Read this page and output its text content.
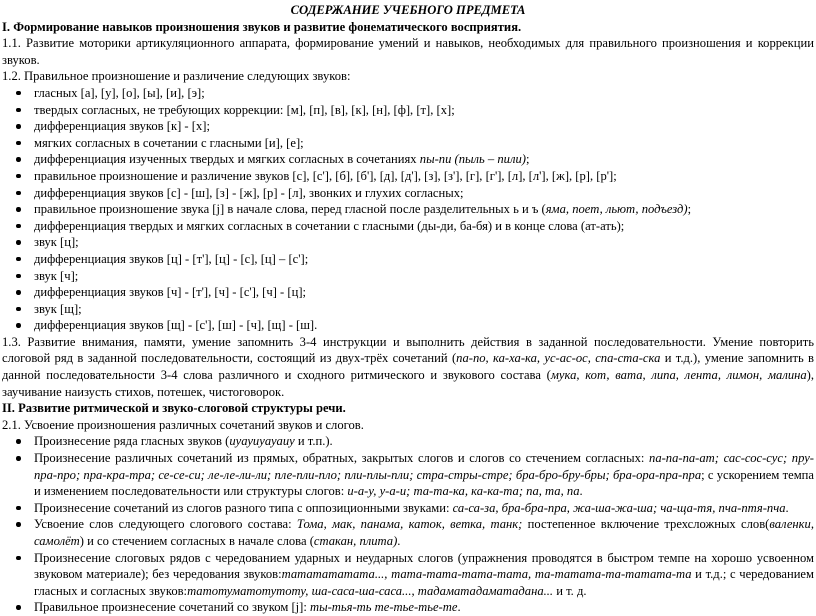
СОДЕРЖАНИЕ УЧЕБНОГО ПРЕДМЕТА
I. Формирование навыков произношения звуков и развитие фонематического восприятия.
1.1. Развитие моторики артикуляционного аппарата, формирование умений и навыков, необходимых для правильного произношения и коррекции звуков.
1.2. Правильное произношение и различение следующих звуков:
гласных [а], [у], [о], [ы], [и], [э];
твердых согласных, не требующих коррекции: [м], [п], [в], [к], [н], [ф], [т], [х];
дифференциация звуков [к] - [х];
мягких согласных в сочетании с гласными [и], [е];
дифференциация изученных твердых и мягких согласных в сочетаниях пы-пи (пыль – пили);
правильное произношение и различение звуков [с], [с'], [б], [б'], [д], [д'], [з], [з'], [г], [г'], [л], [л'], [ж], [р], [р'];
дифференциация звуков [с] - [ш], [з] - [ж], [р] - [л], звонких и глухих согласных;
правильное произношение звука [j] в начале слова, перед гласной после разделительных ь и ъ (яма, поет, льют, подъезд);
дифференциация твердых и мягких согласных в сочетании с гласными (ды-ди, ба-бя) и в конце слова (ат-ать);
звук [ц];
дифференциация звуков [ц] - [т'], [ц] - [с], [ц] – [с'];
звук [ч];
дифференциация звуков [ч] - [т'], [ч] - [с'], [ч] - [ц];
звук [щ];
дифференциация звуков [щ] - [с'], [ш] - [ч], [щ] - [ш].
1.3. Развитие внимания, памяти, умение запомнить 3-4 инструкции и выполнить действия в заданной последовательности. Умение повторить слоговой ряд в заданной последовательности, состоящий из двух-трёх сочетаний (па-по, ка-ха-ка, ус-ас-ос, спа-ста-ска и т.д.), умение запомнить в данной последовательности 3-4 слова различного и сходного ритмического и звукового состава (мука, кот, вата, липа, лента, лимон, малина), заучивание наизусть стихов, потешек, чистоговорок.
II. Развитие ритмической и звуко-слоговой структуры речи.
2.1. Усвоение произношения различных сочетаний звуков и слогов.
Произнесение ряда гласных звуков (иуауиуауаиу и т.п.).
Произнесение различных сочетаний из прямых, обратных, закрытых слогов и слогов со стечением согласных: па-па-па-ат; сас-сос-сус; пру-пра-про; пра-кра-тра; се-се-си; ле-ле-ли-ли; пле-пли-пло; пли-плы-пли; стра-стры-стре; бра-бро-бру-бры; бра-ора-пра-пра; с ускорением темпа и изменением последовательности или структуры слогов: и-а-у, у-а-и; та-та-ка, ка-ка-та; па, та, па.
Произнесение сочетаний из слогов разного типа с оппозиционными звуками: са-са-за, бра-бра-пра, жа-ша-жа-ша; ча-ща-тя, пча-птя-пча.
Усвоение слов следующего слогового состава: Тома, мак, панама, каток, ветка, танк; постепенное включение трехсложных слов(валенки, самолёт) и со стечением согласных в начале слова (стакан, плита).
Произнесение слоговых рядов с чередованием ударных и неударных слогов (упражнения проводятся в быстром темпе на хорошо усвоенном звуковом материале); без чередования звуков:тататататата..., тата-тата-тата-тата, та-татата-та-татата-та и т.д.; с чередованием гласных и согласных звуков:татотуматотутоту, ша-саса-ша-саса..., тадаматадаматадана... и т. д.
Правильное произнесение сочетаний со звуком [j]: ты-тья-ть те-тье-тье-те.
